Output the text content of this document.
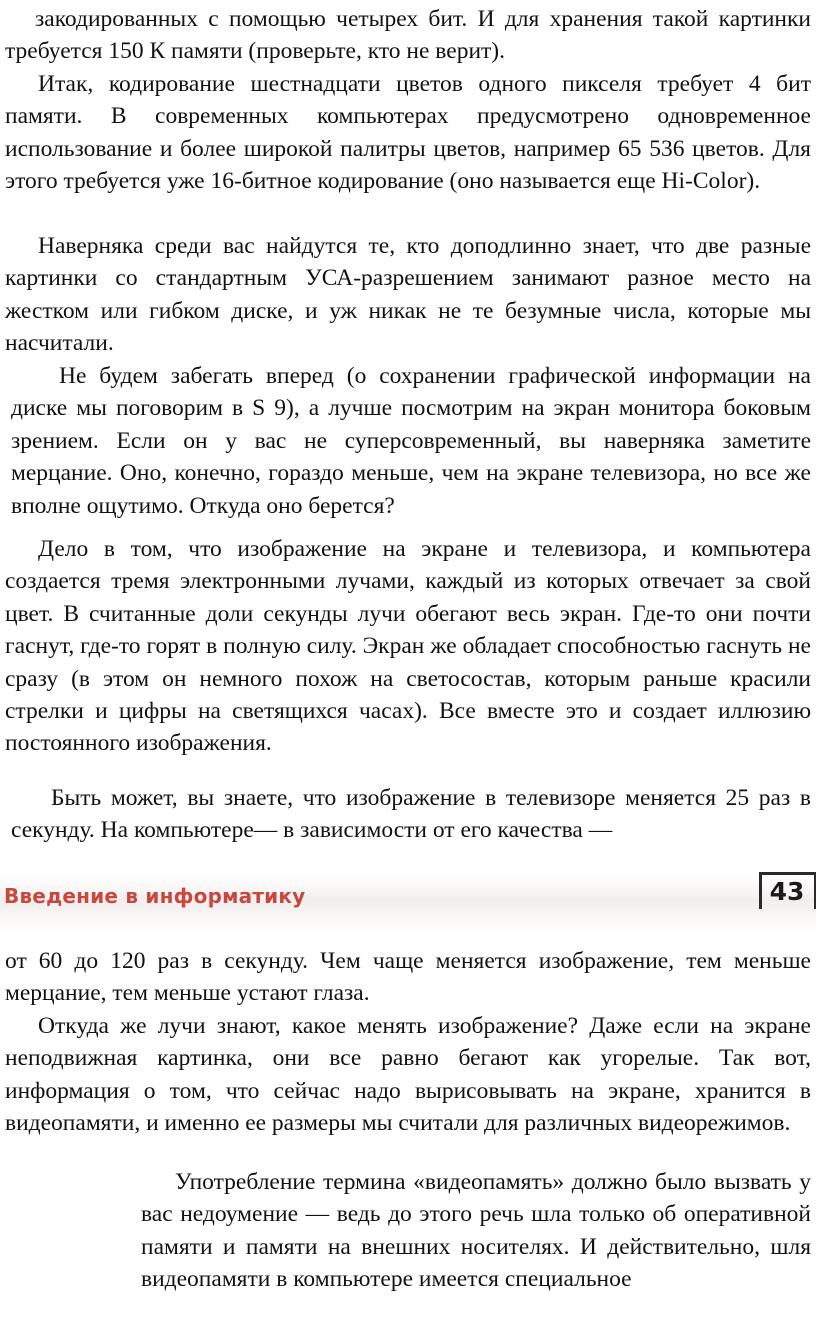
закодированных с помощью четырех бит. И для хранения такой картинки требуется 150 К памяти (проверьте, кто не верит).

Итак, кодирование шестнадцати цветов одного пикселя требует 4 бит памяти. В современных компьютерах предусмотрено одновременное использование и более широкой палитры цветов, например 65 536 цветов. Для этого требуется уже 16-битное кодирование (оно называется еще Hi-Color).

Наверняка среди вас найдутся те, кто доподлинно знает, что две разные картинки со стандартным УСА-разрешением занимают разное место на жестком или гибком диске, и уж никак не те безумные числа, которые мы насчитали.

Не будем забегать вперед (о сохранении графической информации на диске мы поговорим в S 9), а лучше посмотрим на экран монитора боковым зрением. Если он у вас не суперсовременный, вы наверняка заметите мерцание. Оно, конечно, гораздо меньше, чем на экране телевизора, но все же вполне ощутимо. Откуда оно берется?

Дело в том, что изображение на экране и телевизора, и компьютера создается тремя электронными лучами, каждый из которых отвечает за свой цвет. В считанные доли секунды лучи обегают весь экран. Где-то они почти гаснут, где-то горят в полную силу. Экран же обладает способностью гаснуть не сразу (в этом он немного похож на светосостав, которым раньше красили стрелки и цифры на светящихся часах). Все вместе это и создает иллюзию постоянного изображения.

Быть может, вы знаете, что изображение в телевизоре меняется 25 раз в секунду. На компьютере— в зависимости от его качества —

Введение в информатику	43

от 60 до 120 раз в секунду. Чем чаще меняется изображение, тем меньше мерцание, тем меньше устают глаза.

Откуда же лучи знают, какое менять изображение? Даже если на экране неподвижная картинка, они все равно бегают как угорелые. Так вот, информация о том, что сейчас надо вырисовывать на экране, хранится в видеопамяти, и именно ее размеры мы считали для различных видеорежимов.

Употребление термина «видеопамять» должно было вызвать у вас недоумение — ведь до этого речь шла только об оперативной памяти и памяти на внешних носителях. И действительно, шля видеопамяти в компьютере имеется специальное
